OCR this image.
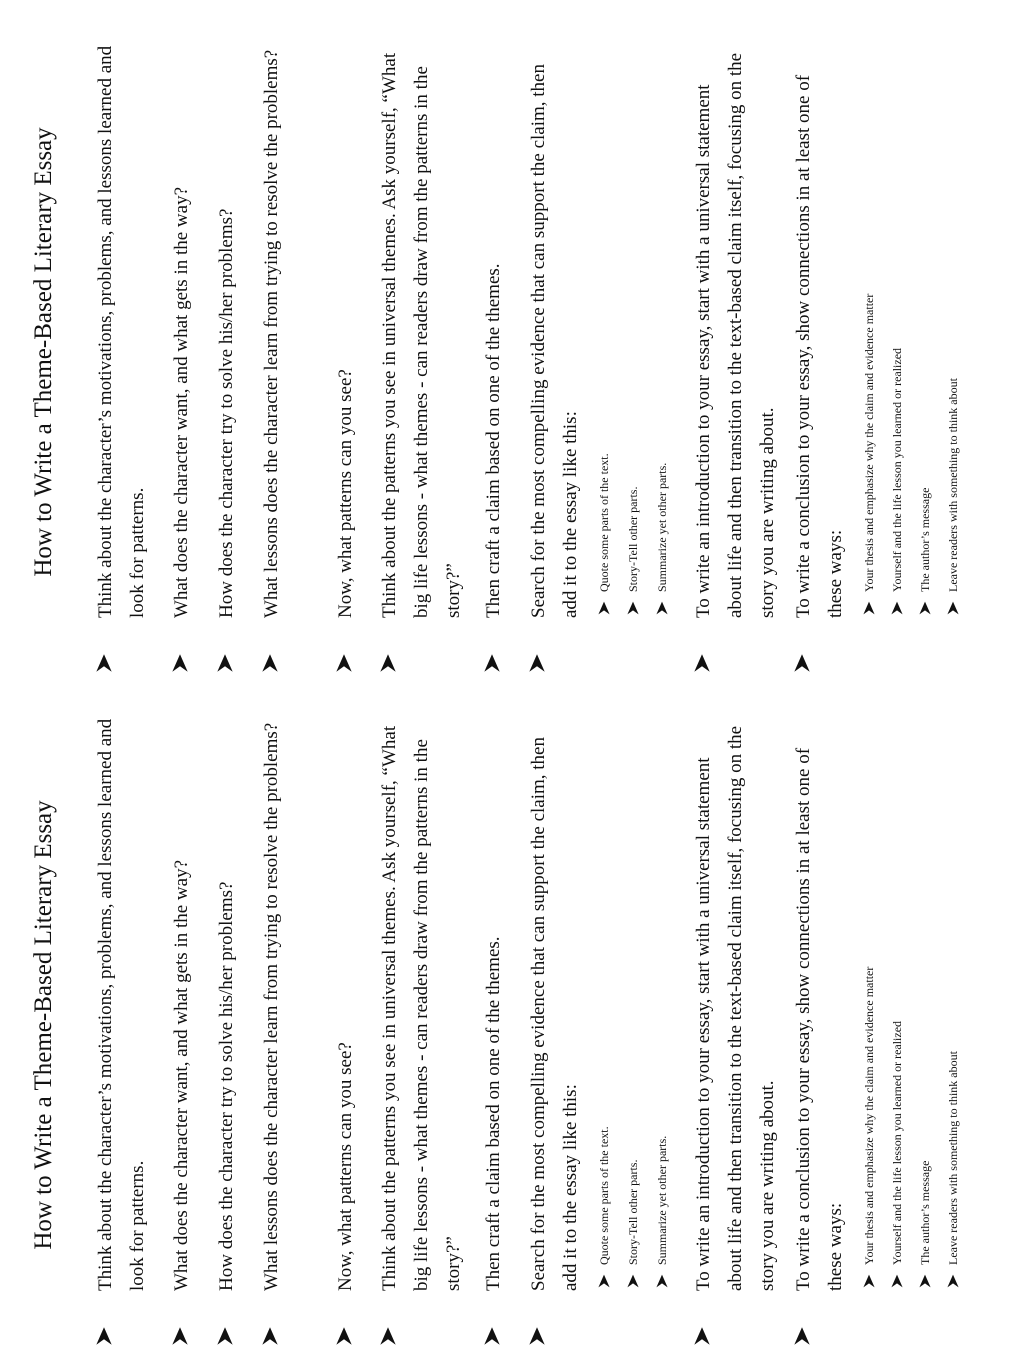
How to Write a Theme-Based Literary Essay	Think about the character’s motivations, problems, and lessons learned and look for patterns.	What does the character want, and what gets in the way?	How does the character try to solve his/her problems?	What lessons does the character learn from trying to resolve the problems?	Now, what patterns can you see?	Think about the patterns you see in universal themes. Ask yourself, “What big life lessons - what themes - can readers draw from the patterns in the story?”	Then craft a claim based on one of the themes.	Search for the most compelling evidence that can support the claim, then add it to the essay like this:	Quote some parts of the text.	Story-Tell other parts.	Summarize yet other parts. To write an introduction to your essay, start with a universal statement about life and then transition to the text-based claim itself, focusing on the story you are writing about. To write a conclusion to your essay, show connections in at least one of these ways:	Your thesis and emphasize why the claim and evidence matter	Yourself and the life lesson you learned or realized	The author’s message	Leave readers with something to think about
How to Write a Theme-Based Literary Essay	Think about the character’s motivations, problems, and lessons learned and look for patterns.	What does the character want, and what gets in the way?	How does the character try to solve his/her problems?	What lessons does the character learn from trying to resolve the problems?	Now, what patterns can you see?	Think about the patterns you see in universal themes. Ask yourself, “What big life lessons - what themes - can readers draw from the patterns in the story?”	Then craft a claim based on one of the themes.	Search for the most compelling evidence that can support the claim, then add it to the essay like this:	Quote some parts of the text.	Story-Tell other parts.	Summarize yet other parts. To write an introduction to your essay, start with a universal statement about life and then transition to the text-based claim itself, focusing on the story you are writing about. To write a conclusion to your essay, show connections in at least one of these ways:	Your thesis and emphasize why the claim and evidence matter	Yourself and the life lesson you learned or realized	The author’s message	Leave readers with something to think about
